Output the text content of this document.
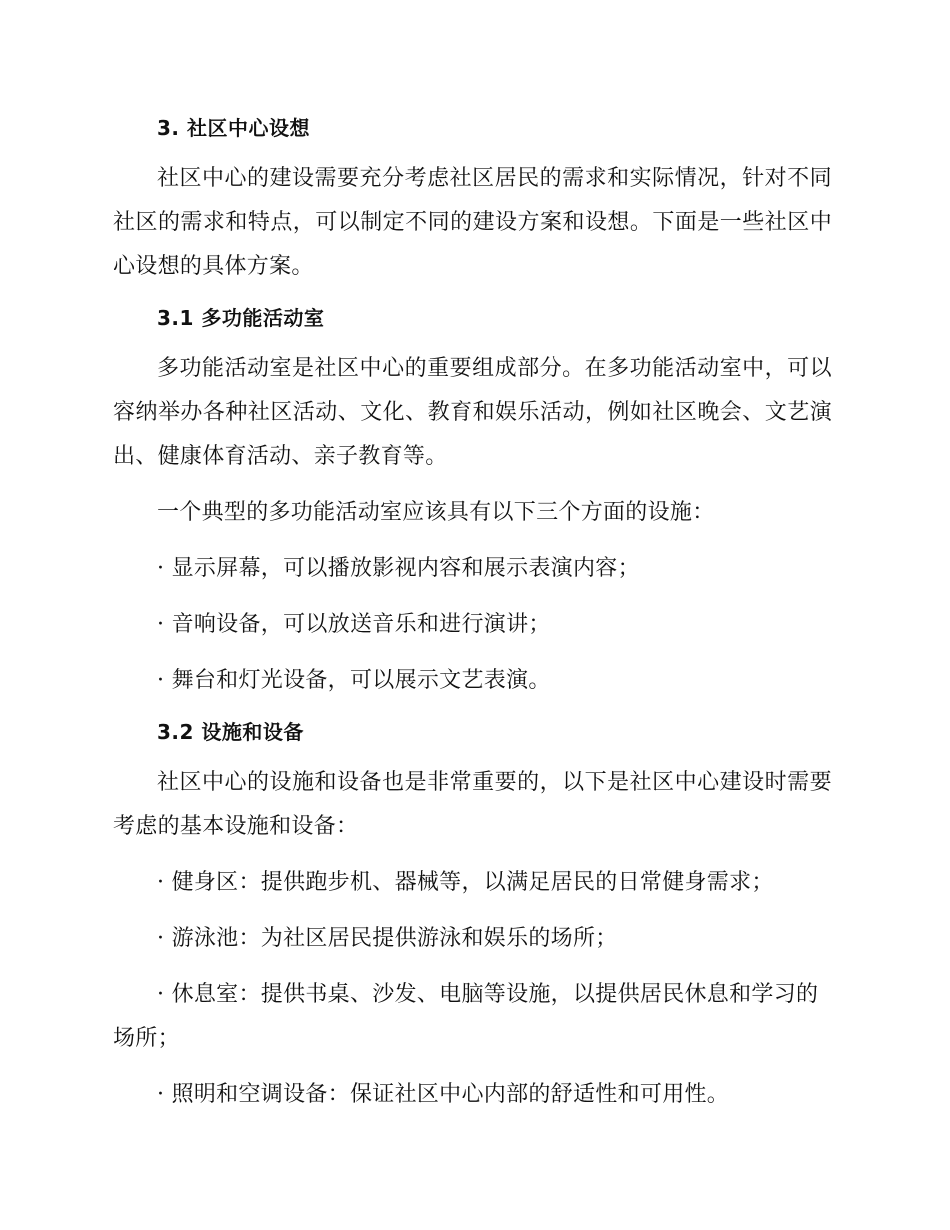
3. 社区中心设想

社区中心的建设需要充分考虑社区居民的需求和实际情况，针对不同社区的需求和特点，可以制定不同的建设方案和设想。下面是一些社区中心设想的具体方案。

3.1 多功能活动室

多功能活动室是社区中心的重要组成部分。在多功能活动室中，可以容纳举办各种社区活动、文化、教育和娱乐活动，例如社区晚会、文艺演出、健康体育活动、亲子教育等。

一个典型的多功能活动室应该具有以下三个方面的设施：

· 显示屏幕，可以播放影视内容和展示表演内容；

· 音响设备，可以放送音乐和进行演讲；

· 舞台和灯光设备，可以展示文艺表演。

3.2 设施和设备

社区中心的设施和设备也是非常重要的，以下是社区中心建设时需要考虑的基本设施和设备：

· 健身区：提供跑步机、器械等，以满足居民的日常健身需求；

· 游泳池：为社区居民提供游泳和娱乐的场所；

· 休息室：提供书桌、沙发、电脑等设施，以提供居民休息和学习的场所；

· 照明和空调设备：保证社区中心内部的舒适性和可用性。
